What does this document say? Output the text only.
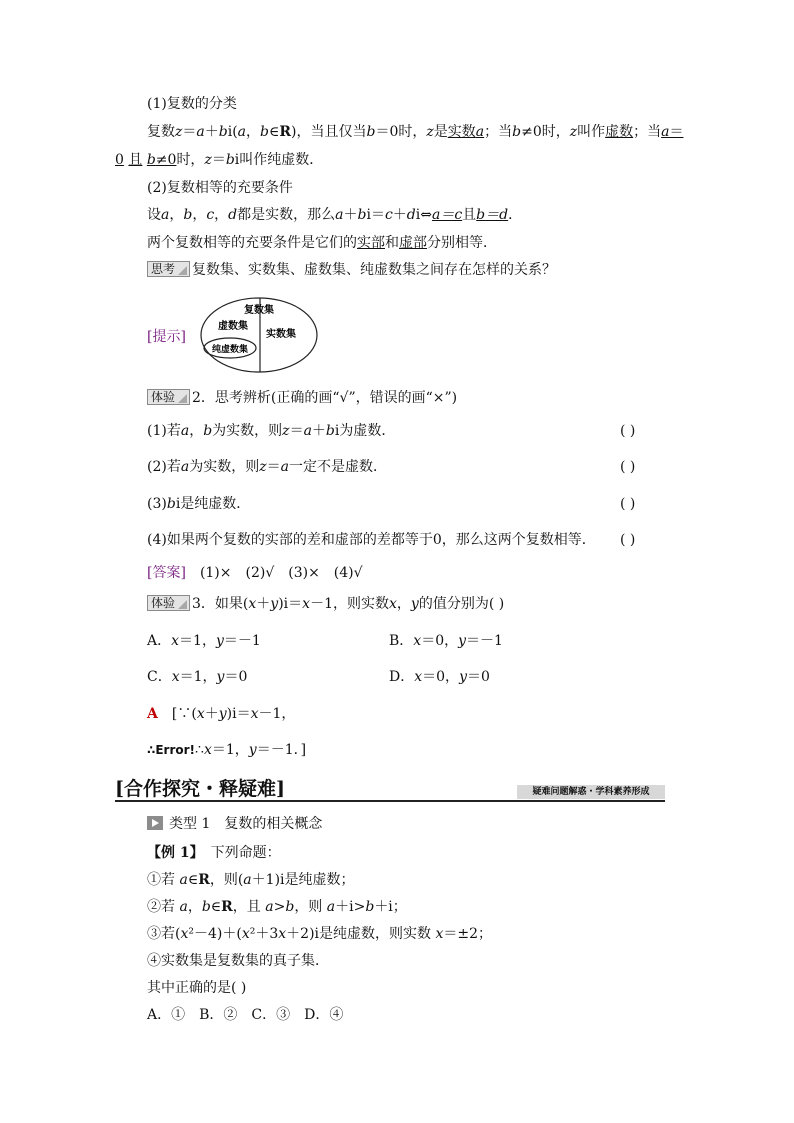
(1)复数的分类
复数z＝a＋bi(a，b∈R)，当且仅当b＝0时，z是实数a；当b≠0时，z叫作虚数；当a＝
0 且 b≠0时，z＝bi叫作纯虚数．
(2)复数相等的充要条件
设a，b，c，d都是实数，那么a＋bi＝c＋di⇔a＝c且b＝d．
两个复数相等的充要条件是它们的实部和虚部分别相等．
思考 复数集、实数集、虚数集、纯虚数集之间存在怎样的关系？
[提示]
复数集
虚数集
实数集
纯虚数集
体验 2．思考辨析(正确的画“√”，错误的画“×”)
(1)若a，b为实数，则z＝a＋bi为虚数．	( )
(2)若a为实数，则z＝a一定不是虚数．	( )
(3)bi是纯虚数．	( )
(4)如果两个复数的实部的差和虚部的差都等于0，那么这两个复数相等． ( )
[答案]　 (1)×　(2)√　(3)×　(4)√
体验 3．如果(x＋y)i＝x－1，则实数x，y的值分别为( )
A．x＝1，y＝－1	B．x＝0，y＝－1
C．x＝1，y＝0	D．x＝0，y＝0
A　 [∵(x＋y)i＝x－1，
∴Error!∴x＝1，y＝－1．]
[合作探究・释疑难]	疑难问题解惑・学科素养形成
类型 1　复数的相关概念
【例 1】　下列命题：
①若 a∈R，则(a＋1)i是纯虚数；
②若 a，b∈R，且 a>b，则 a＋i>b＋i；
③若(x²－4)＋(x²＋3x＋2)i是纯虚数，则实数 x＝±2；
④实数集是复数集的真子集．
其中正确的是( )
A．①　B．②　C．③　D．④
